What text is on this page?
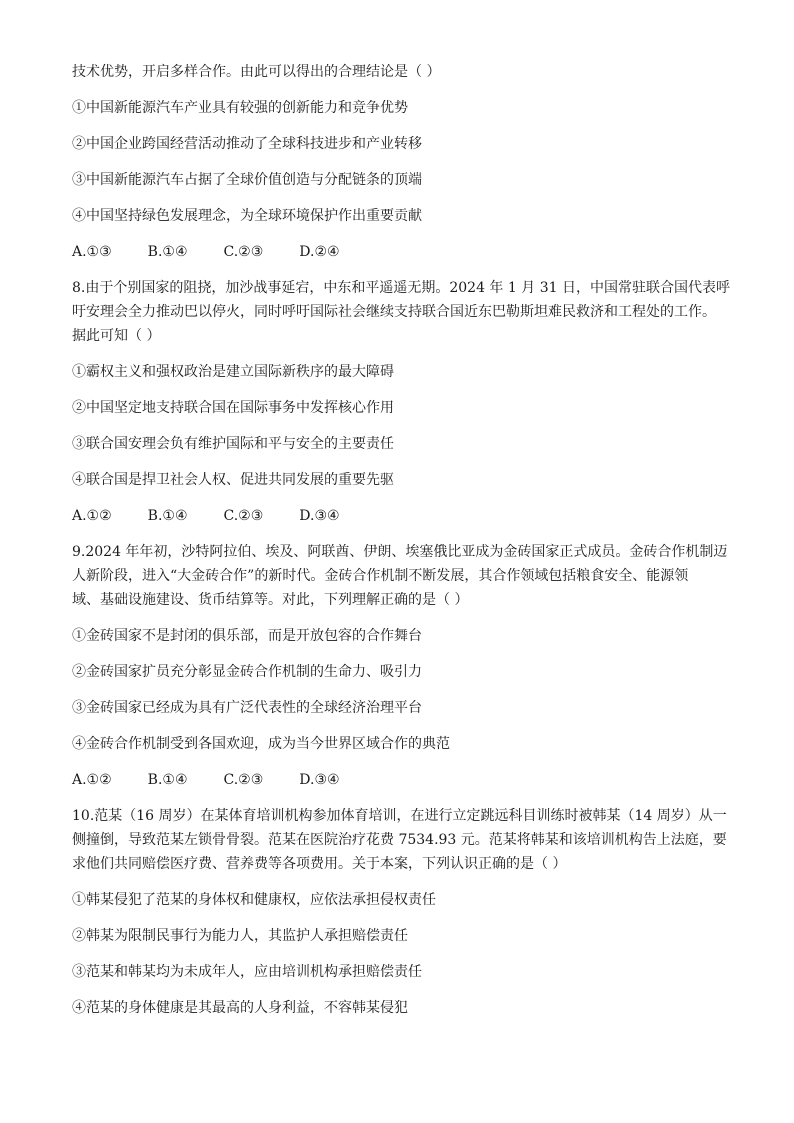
技术优势，开启多样合作。由此可以得出的合理结论是（ ）

①中国新能源汽车产业具有较强的创新能力和竞争优势

②中国企业跨国经营活动推动了全球科技进步和产业转移

③中国新能源汽车占据了全球价值创造与分配链条的顶端

④中国坚持绿色发展理念，为全球环境保护作出重要贡献

A.①③	B.①④	C.②③	D.②④

8.由于个别国家的阻挠，加沙战事延宕，中东和平遥遥无期。2024 年 1 月 31 日，中国常驻联合国代表呼

吁安理会全力推动巴以停火，同时呼吁国际社会继续支持联合国近东巴勒斯坦难民救济和工程处的工作。

据此可知（ ）

①霸权主义和强权政治是建立国际新秩序的最大障碍

②中国坚定地支持联合国在国际事务中发挥核心作用

③联合国安理会负有维护国际和平与安全的主要责任

④联合国是捍卫社会人权、促进共同发展的重要先驱

A.①②	B.①④	C.②③	D.③④

9.2024 年年初，沙特阿拉伯、埃及、阿联酋、伊朗、埃塞俄比亚成为金砖国家正式成员。金砖合作机制迈

人新阶段，进入“大金砖合作”的新时代。金砖合作机制不断发展，其合作领域包括粮食安全、能源领

域、基础设施建设、货币结算等。对此，下列理解正确的是（ ）

①金砖国家不是封闭的俱乐部，而是开放包容的合作舞台

②金砖国家扩员充分彰显金砖合作机制的生命力、吸引力

③金砖国家已经成为具有广泛代表性的全球经济治理平台

④金砖合作机制受到各国欢迎，成为当今世界区域合作的典范

A.①②	B.①④	C.②③	D.③④

10.范某（16 周岁）在某体育培训机构参加体育培训，在进行立定跳远科目训练时被韩某（14 周岁）从一

侧撞倒，导致范某左锁骨骨裂。范某在医院治疗花费 7534.93 元。范某将韩某和该培训机构告上法庭，要

求他们共同赔偿医疗费、营养费等各项费用。关于本案，下列认识正确的是（ ）

①韩某侵犯了范某的身体权和健康权，应依法承担侵权责任

②韩某为限制民事行为能力人，其监护人承担赔偿责任

③范某和韩某均为未成年人，应由培训机构承担赔偿责任

④范某的身体健康是其最高的人身利益，不容韩某侵犯
